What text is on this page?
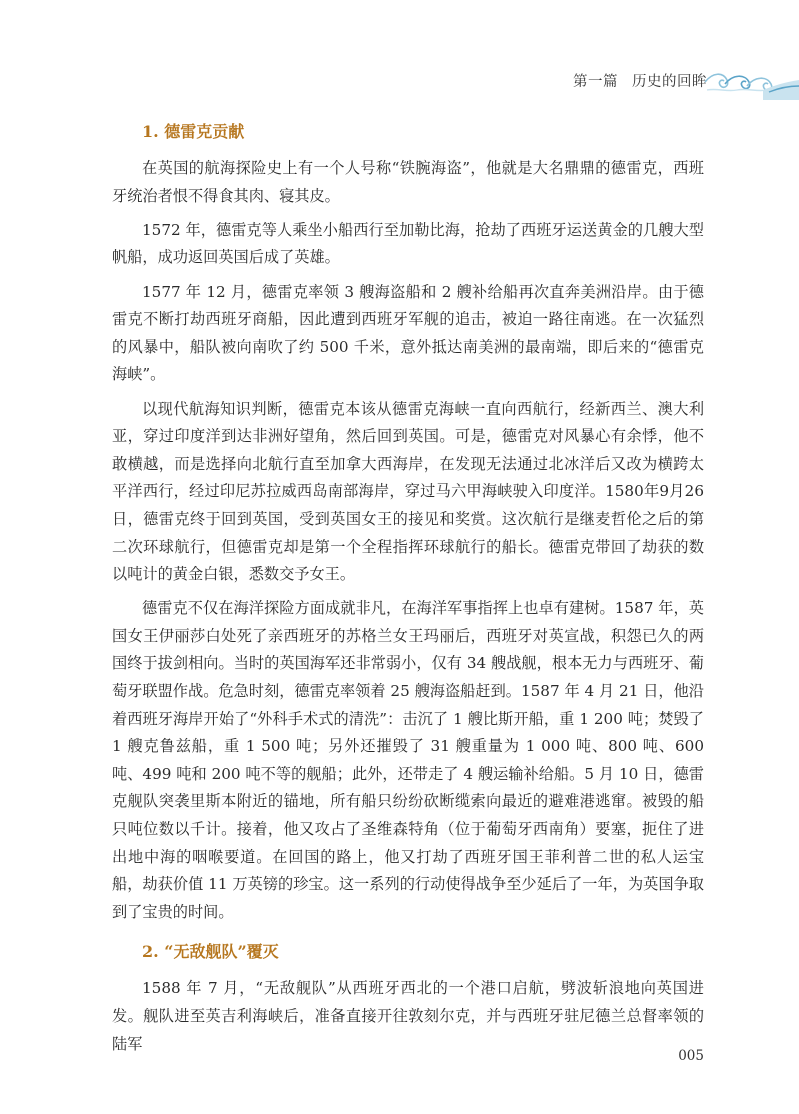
第一篇 历史的回眸
1. 德雷克贡献

在英国的航海探险史上有一个人号称“铁腕海盗”，他就是大名鼎鼎的德雷克，西班牙统治者恨不得食其肉、寝其皮。

1572 年，德雷克等人乘坐小船西行至加勒比海，抢劫了西班牙运送黄金的几艘大型帆船，成功返回英国后成了英雄。

1577 年 12 月，德雷克率领 3 艘海盗船和 2 艘补给船再次直奔美洲沿岸。由于德雷克不断打劫西班牙商船，因此遭到西班牙军舰的追击，被迫一路往南逃。在一次猛烈的风暴中，船队被向南吹了约 500 千米，意外抵达南美洲的最南端，即后来的“德雷克海峡”。

以现代航海知识判断，德雷克本该从德雷克海峡一直向西航行，经新西兰、澳大利亚，穿过印度洋到达非洲好望角，然后回到英国。可是，德雷克对风暴心有余悸，他不敢横越，而是选择向北航行直至加拿大西海岸，在发现无法通过北冰洋后又改为横跨太平洋西行，经过印尼苏拉威西岛南部海岸，穿过马六甲海峡驶入印度洋。1580年9月26日，德雷克终于回到英国，受到英国女王的接见和奖赏。这次航行是继麦哲伦之后的第二次环球航行，但德雷克却是第一个全程指挥环球航行的船长。德雷克带回了劫获的数以吨计的黄金白银，悉数交予女王。

德雷克不仅在海洋探险方面成就非凡，在海洋军事指挥上也卓有建树。1587 年，英国女王伊丽莎白处死了亲西班牙的苏格兰女王玛丽后，西班牙对英宣战，积怨已久的两国终于拔剑相向。当时的英国海军还非常弱小，仅有 34 艘战舰，根本无力与西班牙、葡萄牙联盟作战。危急时刻，德雷克率领着 25 艘海盗船赶到。1587 年 4 月 21 日，他沿着西班牙海岸开始了“外科手术式的清洗”：击沉了 1 艘比斯开船，重 1 200 吨；焚毁了 1 艘克鲁兹船，重 1 500 吨；另外还摧毁了 31 艘重量为 1 000 吨、800 吨、600 吨、499 吨和 200 吨不等的舰船；此外，还带走了 4 艘运输补给船。5 月 10 日，德雷克舰队突袭里斯本附近的锚地，所有船只纷纷砍断缆索向最近的避难港逃窜。被毁的船只吨位数以千计。接着，他又攻占了圣维森特角（位于葡萄牙西南角）要塞，扼住了进出地中海的咽喉要道。在回国的路上，他又打劫了西班牙国王菲利普二世的私人运宝船，劫获价值 11 万英镑的珍宝。这一系列的行动使得战争至少延后了一年，为英国争取到了宝贵的时间。

2. “无敌舰队”覆灭

1588 年 7 月，“无敌舰队”从西班牙西北的一个港口启航，劈波斩浪地向英国进发。舰队进至英吉利海峡后，准备直接开往敦刻尔克，并与西班牙驻尼德兰总督率领的陆军

005
